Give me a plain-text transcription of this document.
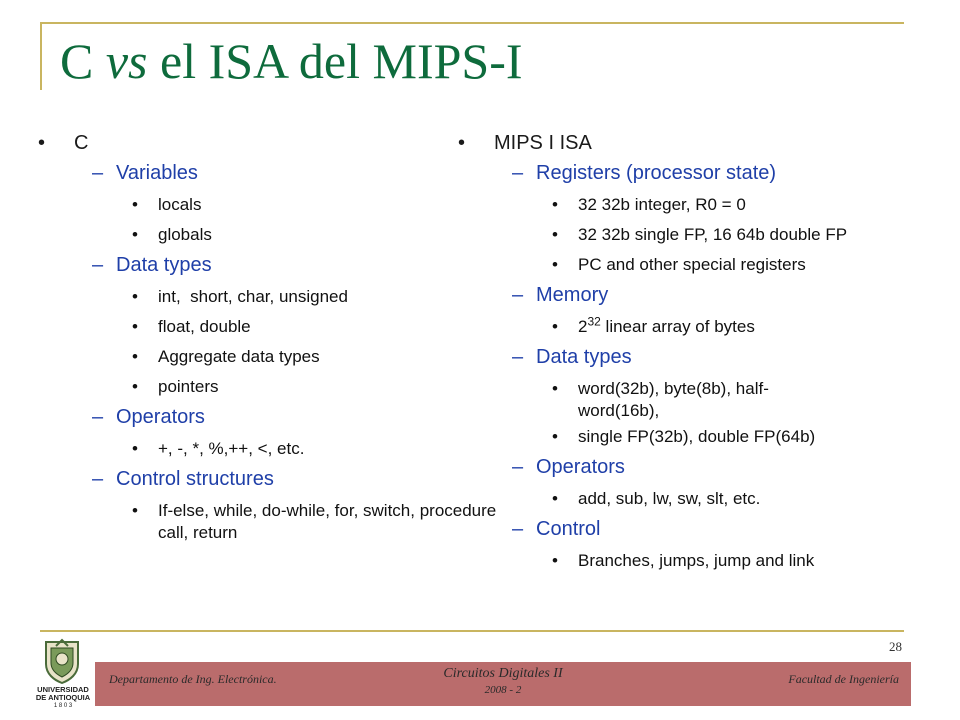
C vs el ISA del MIPS-I
• C
– Variables
• locals
• globals
– Data types
• int,  short, char, unsigned
• float, double
• Aggregate data types
• pointers
– Operators
• +, -, *, %,++, <, etc.
– Control structures
• If-else, while, do-while, for, switch, procedure call, return
• MIPS I ISA
– Registers (processor state)
• 32 32b integer, R0 = 0
• 32 32b single FP, 16 64b double FP
• PC and other special registers
– Memory
• $2^{32}$ linear array of bytes
– Data types
• word(32b), byte(8b), half-word(16b),
• single FP(32b), double FP(64b)
– Operators
• add, sub, lw, sw, slt, etc.
– Control
• Branches, jumps, jump and link
28
UNIVERSIDAD
DE ANTIOQUIA
1 8 0 3
Departamento de Ing. Electrónica.	Circuitos Digitales II
2008 - 2
Facultad de Ingeniería
